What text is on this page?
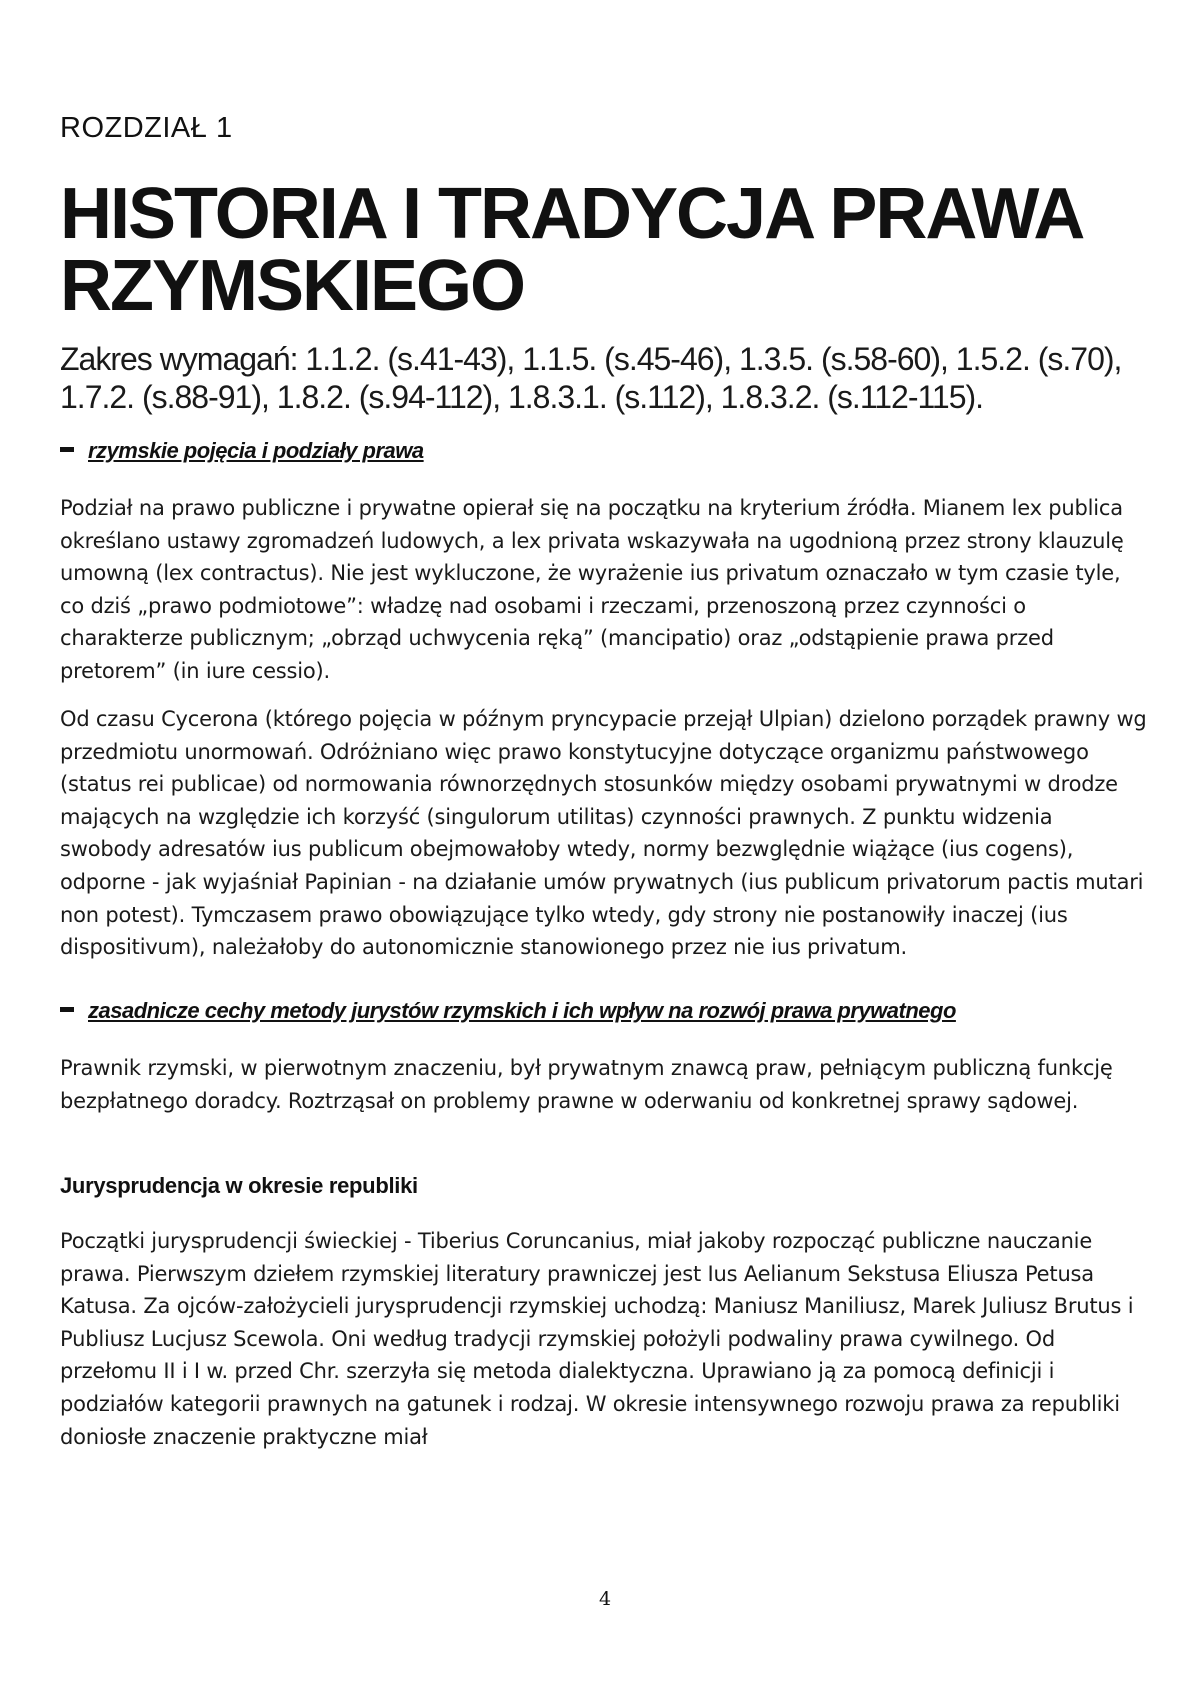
ROZDZIAŁ 1
HISTORIA I TRADYCJA PRAWA RZYMSKIEGO
Zakres wymagań: 1.1.2. (s.41-43), 1.1.5. (s.45-46), 1.3.5. (s.58-60), 1.5.2. (s.70), 1.7.2. (s.88-91), 1.8.2. (s.94-112), 1.8.3.1. (s.112), 1.8.3.2. (s.112-115).
rzymskie pojęcia i podziały prawa
Podział na prawo publiczne i prywatne opierał się na początku na kryterium źródła. Mianem lex publica określano ustawy zgromadzeń ludowych, a lex privata wskazywała na ugodnioną przez strony klauzulę umowną (lex contractus). Nie jest wykluczone, że wyrażenie ius privatum oznaczało w tym czasie tyle, co dziś „prawo podmiotowe”: władzę nad osobami i rzeczami, przenoszoną przez czynności o charakterze publicznym; „obrząd uchwycenia ręką” (mancipatio) oraz „odstąpienie prawa przed pretorem” (in iure cessio).
Od czasu Cycerona (którego pojęcia w późnym pryncypacie przejął Ulpian) dzielono porządek prawny wg przedmiotu unormowań. Odróżniano więc prawo konstytucyjne dotyczące organizmu państwowego (status rei publicae) od normowania równorzędnych stosunków między osobami prywatnymi w drodze mających na względzie ich korzyść (singulorum utilitas) czynności prawnych. Z punktu widzenia swobody adresatów ius publicum obejmowałoby wtedy, normy bezwględnie wiążące (ius cogens), odporne - jak wyjaśniał Papinian - na działanie umów prywatnych (ius publicum privatorum pactis mutari non potest). Tymczasem prawo obowiązujące tylko wtedy, gdy strony nie postanowiły inaczej (ius dispositivum), należałoby do autonomicznie stanowionego przez nie ius privatum.
zasadnicze cechy metody jurystów rzymskich i ich wpływ na rozwój prawa prywatnego
Prawnik rzymski, w pierwotnym znaczeniu, był prywatnym znawcą praw, pełniącym publiczną funkcję bezpłatnego doradcy. Roztrząsał on problemy prawne w oderwaniu od konkretnej sprawy sądowej.
Jurysprudencja w okresie republiki
Początki jurysprudencji świeckiej - Tiberius Coruncanius, miał jakoby rozpocząć publiczne nauczanie prawa. Pierwszym dziełem rzymskiej literatury prawniczej jest Ius Aelianum Sekstusa Eliusza Petusa Katusa. Za ojców-założycieli jurysprudencji rzymskiej uchodzą: Maniusz Maniliusz, Marek Juliusz Brutus i Publiusz Lucjusz Scewola. Oni według tradycji rzymskiej położyli podwaliny prawa cywilnego. Od przełomu II i I w. przed Chr. szerzyła się metoda dialektyczna. Uprawiano ją za pomocą definicji i podziałów kategorii prawnych na gatunek i rodzaj. W okresie intensywnego rozwoju prawa za republiki doniosłe znaczenie praktyczne miał
4
